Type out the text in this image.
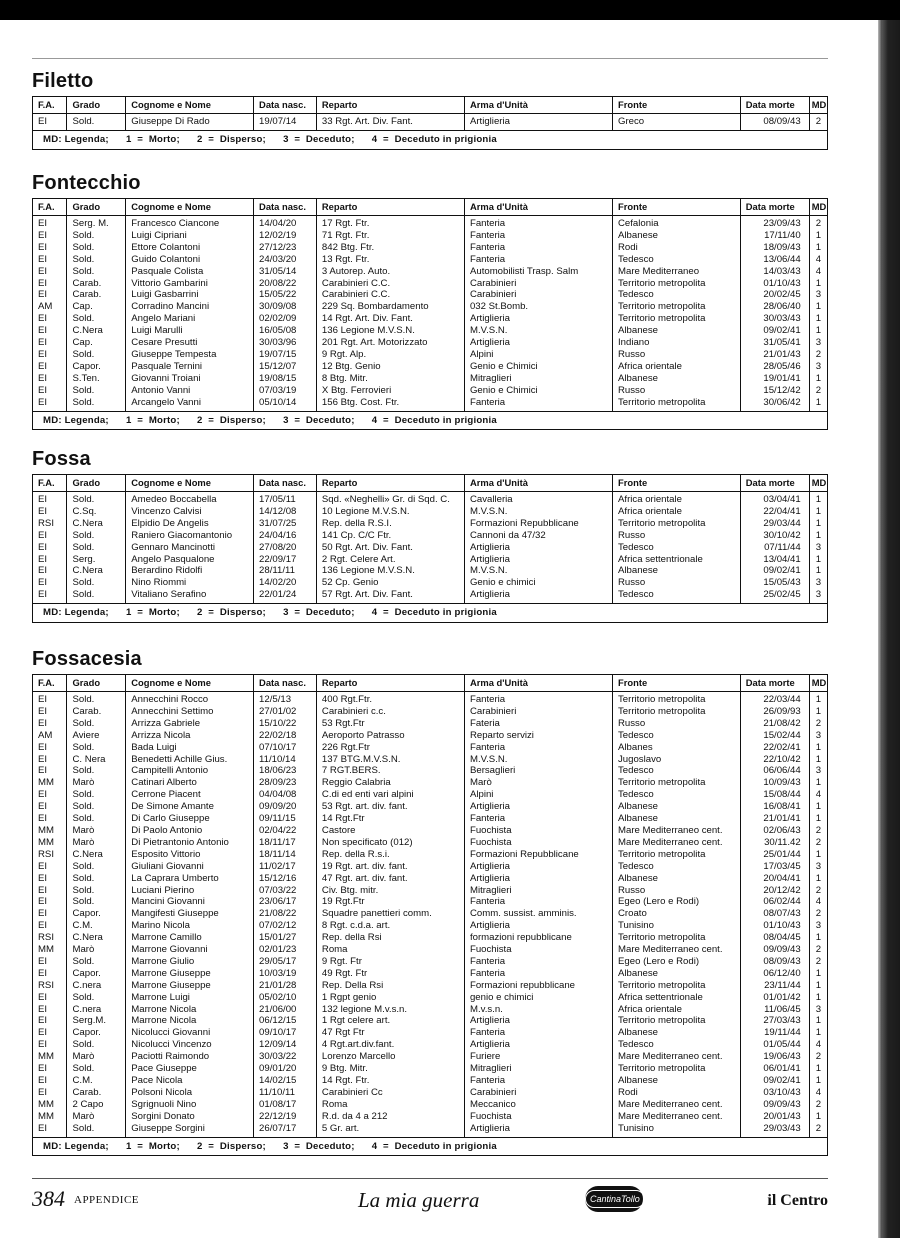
Filetto
F.A.	Grado	Cognome e Nome	Data nasc.	Reparto	Arma d'Unità	Fronte	Data morte	MD
EI	Sold.	Giuseppe Di Rado	19/07/14	33 Rgt. Art. Div. Fant.	Artiglieria	Greco	08/09/43	2
MD: Legenda;      1  =  Morto;      2  =  Disperso;      3  =  Deceduto;      4  =  Deceduto in prigionia								
Fontecchio
F.A.	Grado	Cognome e Nome	Data nasc.	Reparto	Arma d'Unità	Fronte	Data morte	MD
EI	Serg. M.	Francesco Ciancone	14/04/20	17 Rgt. Ftr.	Fanteria	Cefalonia	23/09/43	2
EI	Sold.	Luigi Cipriani	12/02/19	71 Rgt. Ftr.	Fanteria	Albanese	17/11/40	1
EI	Sold.	Ettore Colantoni	27/12/23	842 Btg. Ftr.	Fanteria	Rodi	18/09/43	1
EI	Sold.	Guido Colantoni	24/03/20	13 Rgt. Ftr.	Fanteria	Tedesco	13/06/44	4
EI	Sold.	Pasquale Colista	31/05/14	3 Autorep. Auto.	Automobilisti Trasp. Salm	Mare Mediterraneo	14/03/43	4
EI	Carab.	Vittorio Gambarini	20/08/22	Carabinieri C.C.	Carabinieri	Territorio metropolita	01/10/43	1
EI	Carab.	Luigi Gasbarrini	15/05/22	Carabinieri C.C.	Carabinieri	Tedesco	20/02/45	3
AM	Cap.	Corradino Mancini	30/09/08	229 Sq. Bombardamento	032 St.Bomb.	Territorio metropolita	28/06/40	1
EI	Sold.	Angelo Mariani	02/02/09	14 Rgt. Art. Div. Fant.	Artiglieria	Territorio metropolita	30/03/43	1
EI	C.Nera	Luigi Marulli	16/05/08	136 Legione M.V.S.N.	M.V.S.N.	Albanese	09/02/41	1
EI	Cap.	Cesare Presutti	30/03/96	201 Rgt. Art. Motorizzato	Artiglieria	Indiano	31/05/41	3
EI	Sold.	Giuseppe Tempesta	19/07/15	9 Rgt. Alp.	Alpini	Russo	21/01/43	2
EI	Capor.	Pasquale Ternini	15/12/07	12 Btg. Genio	Genio e Chimici	Africa orientale	28/05/46	3
EI	S.Ten.	Giovanni Troiani	19/08/15	8 Btg. Mitr.	Mitraglieri	Albanese	19/01/41	1
EI	Sold.	Antonio Vanni	07/03/19	X Btg. Ferrovieri	Genio e Chimici	Russo	15/12/42	2
EI	Sold.	Arcangelo Vanni	05/10/14	156 Btg. Cost. Ftr.	Fanteria	Territorio metropolita	30/06/42	1
MD: Legenda;      1  =  Morto;      2  =  Disperso;      3  =  Deceduto;      4  =  Deceduto in prigionia								
Fossa
F.A.	Grado	Cognome e Nome	Data nasc.	Reparto	Arma d'Unità	Fronte	Data morte	MD
EI	Sold.	Amedeo Boccabella	17/05/11	Sqd. «Neghelli» Gr. di Sqd. C.	Cavalleria	Africa orientale	03/04/41	1
EI	C.Sq.	Vincenzo Calvisi	14/12/08	10 Legione M.V.S.N.	M.V.S.N.	Africa orientale	22/04/41	1
RSI	C.Nera	Elpidio De Angelis	31/07/25	Rep. della R.S.I.	Formazioni Repubblicane	Territorio metropolita	29/03/44	1
EI	Sold.	Raniero Giacomantonio	24/04/16	141 Cp. C/C Ftr.	Cannoni da 47/32	Russo	30/10/42	1
EI	Sold.	Gennaro Mancinotti	27/08/20	50 Rgt. Art. Div. Fant.	Artiglieria	Tedesco	07/11/44	3
EI	Serg.	Angelo Pasqualone	22/09/17	2 Rgt. Celere Art.	Artiglieria	Africa settentrionale	13/04/41	1
EI	C.Nera	Berardino Ridolfi	28/11/11	136 Legione M.V.S.N.	M.V.S.N.	Albanese	09/02/41	1
EI	Sold.	Nino Riommi	14/02/20	52 Cp. Genio	Genio e chimici	Russo	15/05/43	3
EI	Sold.	Vitaliano Serafino	22/01/24	57 Rgt. Art. Div. Fant.	Artiglieria	Tedesco	25/02/45	3
MD: Legenda;      1  =  Morto;      2  =  Disperso;      3  =  Deceduto;      4  =  Deceduto in prigionia								
Fossacesia
F.A.	Grado	Cognome e Nome	Data nasc.	Reparto	Arma d'Unità	Fronte	Data morte	MD
EI	Sold.	Annecchini Rocco	12/5/13	400 Rgt.Ftr.	Fanteria	Territorio metropolita	22/03/44	1
EI	Carab.	Annecchini Settimo	27/01/02	Carabinieri c.c.	Carabinieri	Territorio metropolita	26/09/93	1
EI	Sold.	Arrizza Gabriele	15/10/22	53 Rgt.Ftr	Fateria	Russo	21/08/42	2
AM	Aviere	Arrizza Nicola	22/02/18	Aeroporto Patrasso	Reparto servizi	Tedesco	15/02/44	3
EI	Sold.	Bada Luigi	07/10/17	226 Rgt.Ftr	Fanteria	Albanes	22/02/41	1
EI	C. Nera	Benedetti Achille Gius.	11/10/14	137 BTG.M.V.S.N.	M.V.S.N.	Jugoslavo	22/10/42	1
EI	Sold.	Campitelli Antonio	18/06/23	7 RGT.BERS.	Bersaglieri	Tedesco	06/06/44	3
MM	Marò	Catinari Alberto	28/09/23	Reggio Calabria	Marò	Territorio metropolita	10/09/43	1
EI	Sold.	Cerrone Piacent	04/04/08	C.di ed enti vari alpini	Alpini	Tedesco	15/08/44	4
EI	Sold.	De Simone Amante	09/09/20	53 Rgt. art. div. fant.	Artiglieria	Albanese	16/08/41	1
EI	Sold.	Di Carlo Giuseppe	09/11/15	14 Rgt.Ftr	Fanteria	Albanese	21/01/41	1
MM	Marò	Di Paolo Antonio	02/04/22	Castore	Fuochista	Mare Mediterraneo cent.	02/06/43	2
MM	Marò	Di Pietrantonio Antonio	18/11/17	Non specificato (012)	Fuochista	Mare Mediterraneo cent.	30/11.42	2
RSI	C.Nera	Esposito Vittorio	18/11/14	Rep. della R.s.i.	Formazioni Repubblicane	Territorio metropolita	25/01/44	1
EI	Sold.	Giuliani Giovanni	11/02/17	19 Rgt. art. div. fant.	Artiglieria	Tedesco	17/03/45	3
EI	Sold.	La Caprara Umberto	15/12/16	47 Rgt. art. div. fant.	Artiglieria	Albanese	20/04/41	1
EI	Sold.	Luciani Pierino	07/03/22	Civ. Btg. mitr.	Mitraglieri	Russo	20/12/42	2
EI	Sold.	Mancini Giovanni	23/06/17	19 Rgt.Ftr	Fanteria	Egeo (Lero e Rodi)	06/02/44	4
EI	Capor.	Mangifesti Giuseppe	21/08/22	Squadre panettieri comm.	Comm. sussist. amminis.	Croato	08/07/43	2
EI	C.M.	Marino Nicola	07/02/12	8 Rgt. c.d.a. art.	Artiglieria	Tunisino	01/10/43	3
RSI	C.Nera	Marrone Camillo	15/01/27	Rep. della Rsi	formazioni repubblicane	Territorio metropolita	08/04/45	1
MM	Marò	Marrone Giovanni	02/01/23	Roma	Fuochista	Mare Mediterraneo cent.	09/09/43	2
EI	Sold.	Marrone Giulio	29/05/17	9 Rgt. Ftr	Fanteria	Egeo (Lero e Rodi)	08/09/43	2
EI	Capor.	Marrone Giuseppe	10/03/19	49 Rgt. Ftr	Fanteria	Albanese	06/12/40	1
RSI	C.nera	Marrone Giuseppe	21/01/28	Rep. Della Rsi	Formazioni repubblicane	Territorio metropolita	23/11/44	1
EI	Sold.	Marrone Luigi	05/02/10	1 Rgpt genio	genio e chimici	Africa settentrionale	01/01/42	1
EI	C.nera	Marrone Nicola	21/06/00	132 legione M.v.s.n.	M.v.s.n.	Africa orientale	11/06/45	3
EI	Serg.M.	Marrone Nicola	06/12/15	1 Rgt celere art.	Artiglieria	Territorio metropolita	27/03/43	1
EI	Capor.	Nicolucci Giovanni	09/10/17	47 Rgt Ftr	Fanteria	Albanese	19/11/44	1
EI	Sold.	Nicolucci Vincenzo	12/09/14	4 Rgt.art.div.fant.	Artiglieria	Tedesco	01/05/44	4
MM	Marò	Paciotti Raimondo	30/03/22	Lorenzo Marcello	Furiere	Mare Mediterraneo cent.	19/06/43	2
EI	Sold.	Pace Giuseppe	09/01/20	9 Btg. Mitr.	Mitraglieri	Territorio metropolita	06/01/41	1
EI	C.M.	Pace Nicola	14/02/15	14 Rgt. Ftr.	Fanteria	Albanese	09/02/41	1
EI	Carab.	Polsoni Nicola	11/10/11	Carabinieri Cc	Carabinieri	Rodi	03/10/43	4
MM	2 Capo	Sgrignuoli Nino	01/08/17	Roma	Meccanico	Mare Mediterraneo cent.	09/09/43	2
MM	Marò	Sorgini Donato	22/12/19	R.d. da 4 a 212	Fuochista	Mare Mediterraneo cent.	20/01/43	1
EI	Sold.	Giuseppe Sorgini	26/07/17	5 Gr. art.	Artiglieria	Tunisino	29/03/43	2
MD: Legenda;      1  =  Morto;      2  =  Disperso;      3  =  Deceduto;      4  =  Deceduto in prigionia								
384 APPENDICE	La mia guerra	CantinaTollo	il Centro
